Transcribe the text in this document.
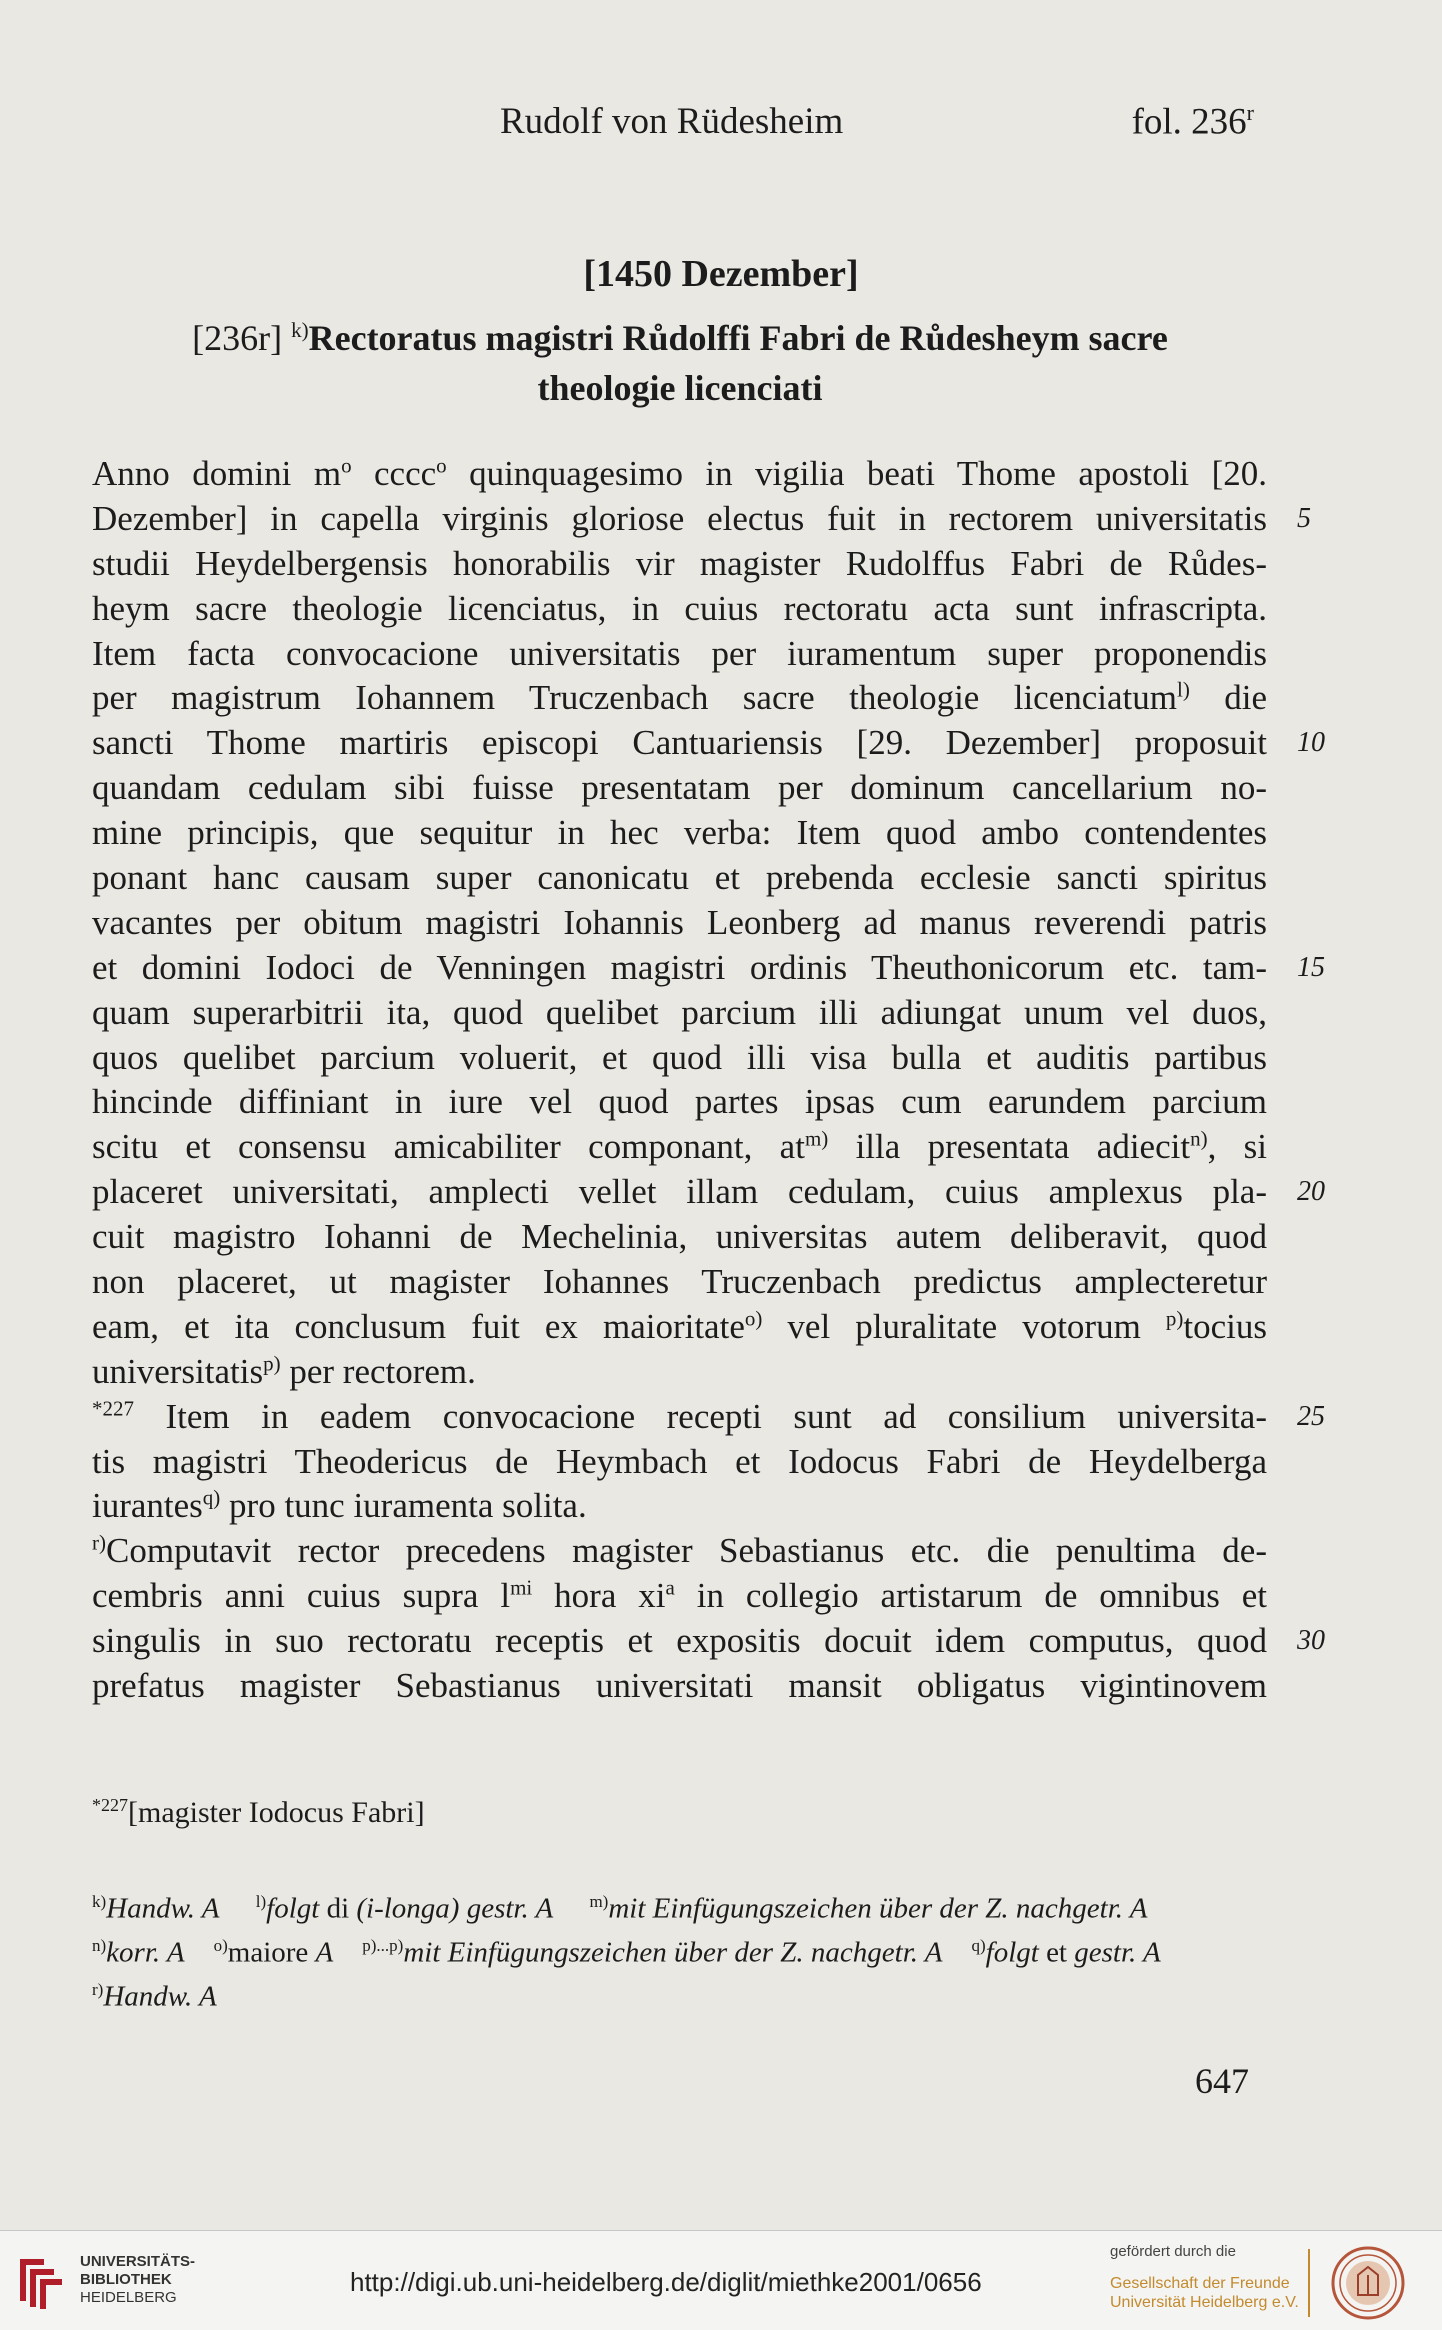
Rudolf von Rüdesheim	fol. 236$^r$
[1450 Dezember]
[236r] $^{k)}$Rectoratus magistri Růdolffi Fabri de Růdesheym sacre
theologie licenciati
Anno domini $m^o$ cccc$^o$ quinquagesimo in vigilia beati Thome apostoli [20.
Dezember] in capella virginis gloriose electus fuit in rectorem universitatis
studii Heydelbergensis honorabilis vir magister Rudolffus Fabri de Růdes-
heym sacre theologie licenciatus, in cuius rectoratu acta sunt infrascripta.
Item facta convocacione universitatis per iuramentum super proponendis
per magistrum Iohannem Truczenbach sacre theologie licenciatum$^{l)}$ die
sancti Thome martiris episcopi Cantuariensis [29. Dezember] proposuit
quandam cedulam sibi fuisse presentatam per dominum cancellarium no-
mine principis, que sequitur in hec verba: Item quod ambo contendentes
ponant hanc causam super canonicatu et prebenda ecclesie sancti spiritus
vacantes per obitum magistri Iohannis Leonberg ad manus reverendi patris
et domini Iodoci de Venningen magistri ordinis Theuthonicorum etc. tam-
quam superarbitrii ita, quod quelibet parcium illi adiungat unum vel duos,
quos quelibet parcium voluerit, et quod illi visa bulla et auditis partibus
hincinde diffiniant in iure vel quod partes ipsas cum earundem parcium
scitu et consensu amicabiliter componant, $at^{m)}$ illa presentata adiecit$^{n)}$, si
placeret universitati, amplecti vellet illam cedulam, cuius amplexus pla-
cuit magistro Iohanni de Mechelinia, universitas autem deliberavit, quod
non placeret, ut magister Iohannes Truczenbach predictus amplecteretur
eam, et ita conclusum fuit ex maioritate$^{o)}$ vel pluralitate votorum $^{p)}$tocius
universitatis$^{p)}$ per rectorem.
$^{*227}$ Item in eadem convocacione recepti sunt ad consilium universita-
tis magistri Theodericus de Heymbach et Iodocus Fabri de Heydelberga
iurantes$^{q)}$ pro tunc iuramenta solita.
$^{r)}$Computavit rector precedens magister Sebastianus etc. die penultima de-
cembris anni cuius supra $l^{mi}$ hora $xi^a$ in collegio artistarum de omnibus et
singulis in suo rectoratu receptis et expositis docuit idem computus, quod
prefatus magister Sebastianus universitati mansit obligatus vigintinovem
5
10
15
20
25
30
$^{*227}$[magister Iodocus Fabri]
$^{k)}$Handw. A $^{l)}$folgt di (i-longa) gestr. A $^{m)}$mit Einfügungszeichen über der Z. nachgetr. A
$^{n)}$korr. A $^{o)}$maiore A $^{p)...p)}$mit Einfügungszeichen über der Z. nachgetr. A $^{q)}$folgt et gestr. A
$^{r)}$Handw. A
647
UNIVERSITÄTS-
BIBLIOTHEK
HEIDELBERG
http://digi.ub.uni-heidelberg.de/diglit/miethke2001/0656
gefördert durch die
Gesellschaft der Freunde
Universität Heidelberg e.V.
